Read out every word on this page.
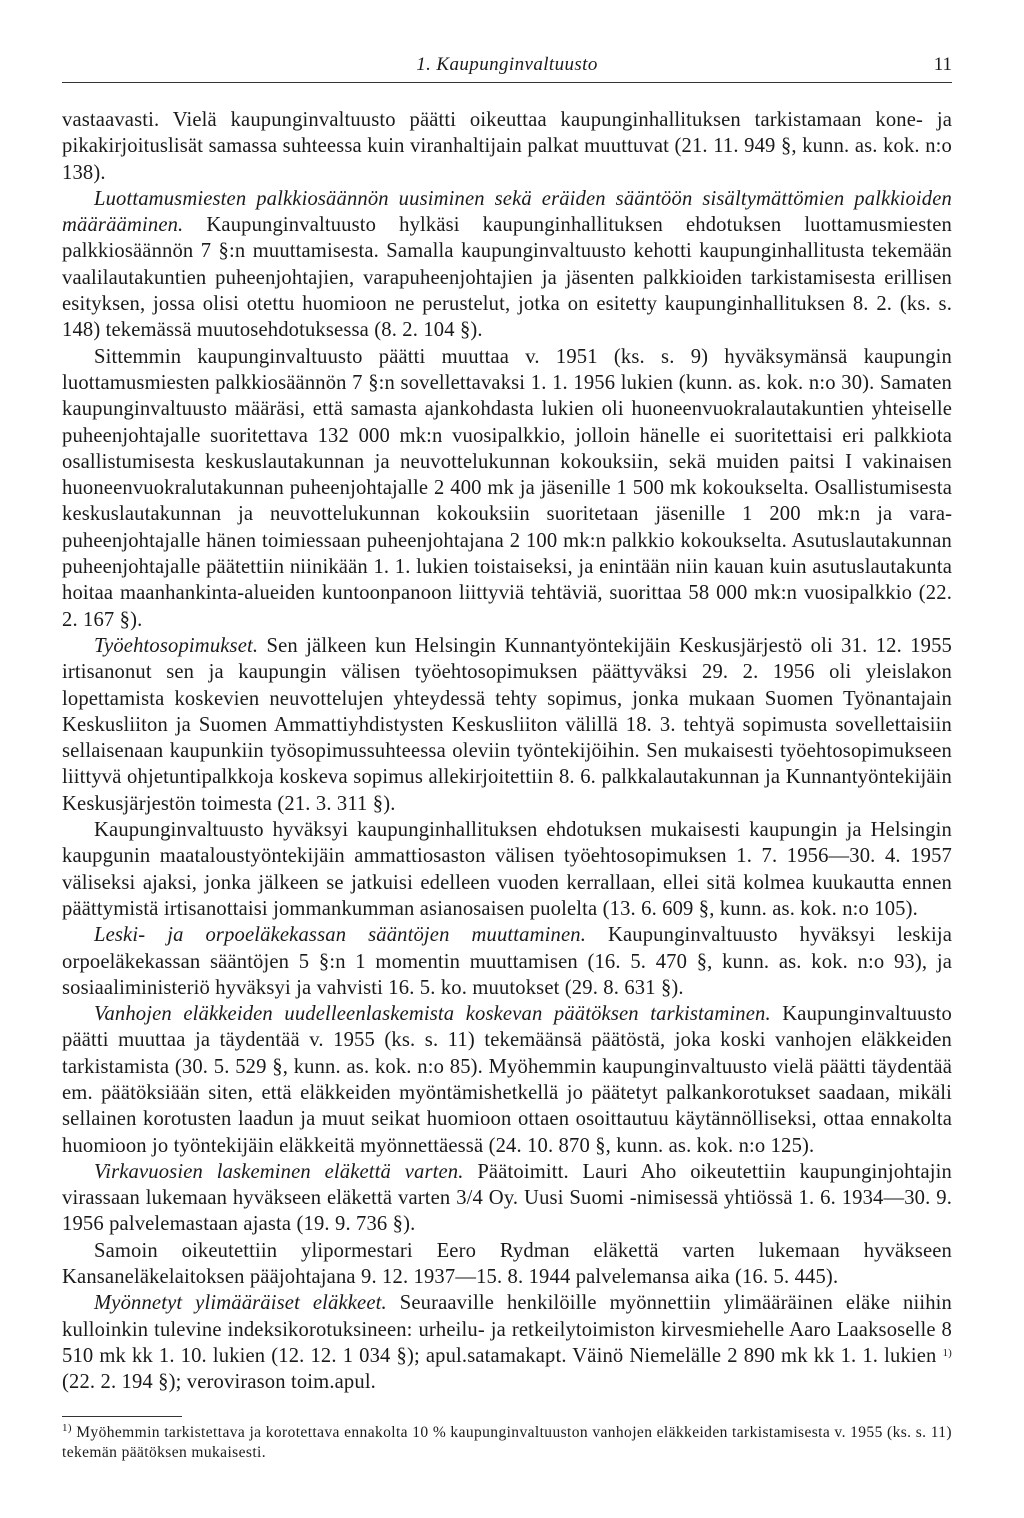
1. Kaupunginvaltuusto	11

vastaavasti. Vielä kaupunginvaltuusto päätti oikeuttaa kaupunginhallituksen tarkistamaan kone- ja pikakirjoituslisät samassa suhteessa kuin viranhaltijain palkat muuttuvat (21. 11. 949 §, kunn. as. kok. n:o 138).

Luottamusmiesten palkkiosäännön uusiminen sekä eräiden sääntöön sisältymättömien palkkioiden määrääminen. Kaupunginvaltuusto hylkäsi kaupunginhallituksen ehdotuksen luottamusmiesten palkkiosäännön 7 §:n muuttamisesta. Samalla kaupunginvaltuusto kehotti kaupunginhallitusta tekemään vaalilautakuntien puheenjohtajien, varapuheenjohtajien ja jäsenten palkkioiden tarkistamisesta erillisen esityksen, jossa olisi otettu huomioon ne perustelut, jotka on esitetty kaupunginhallituksen 8. 2. (ks. s. 148) tekemässä muutosehdotuksessa (8. 2. 104 §).

Sittemmin kaupunginvaltuusto päätti muuttaa v. 1951 (ks. s. 9) hyväksymänsä kaupungin luottamusmiesten palkkiosäännön 7 §:n sovellettavaksi 1. 1. 1956 lukien (kunn. as. kok. n:o 30). Samaten kaupunginvaltuusto määräsi, että samasta ajankohdasta lukien oli huoneenvuokralautakuntien yhteiselle puheenjohtajalle suoritettava 132 000 mk:n vuosipalkkio, jolloin hänelle ei suoritettaisi eri palkkiota osallistumisesta keskuslautakunnan ja neuvottelukunnan kokouksiin, sekä muiden paitsi I vakinaisen huoneenvuokralutakunnan puheenjohtajalle 2 400 mk ja jäsenille 1 500 mk kokoukselta. Osallistumisesta keskuslautakunnan ja neuvottelukunnan kokouksiin suoritetaan jäsenille 1 200 mk:n ja varapuheenjohtajalle hänen toimiessaan puheenjohtajana 2 100 mk:n palkkio kokoukselta. Asutuslautakunnan puheenjohtajalle päätettiin niinikään 1. 1. lukien toistaiseksi, ja enintään niin kauan kuin asutuslautakunta hoitaa maanhankinta-alueiden kuntoonpanoon liittyviä tehtäviä, suorittaa 58 000 mk:n vuosipalkkio (22. 2. 167 §).

Työehtosopimukset. Sen jälkeen kun Helsingin Kunnantyöntekijäin Keskusjärjestö oli 31. 12. 1955 irtisanonut sen ja kaupungin välisen työehtosopimuksen päättyväksi 29. 2. 1956 oli yleislakon lopettamista koskevien neuvottelujen yhteydessä tehty sopimus, jonka mukaan Suomen Työnantajain Keskusliiton ja Suomen Ammattiyhdistysten Keskusliiton välillä 18. 3. tehtyä sopimusta sovellettaisiin sellaisenaan kaupunkiin työsopimussuhteessa oleviin työntekijöihin. Sen mukaisesti työehtosopimukseen liittyvä ohjetuntipalkkoja koskeva sopimus allekirjoitettiin 8. 6. palkkalautakunnan ja Kunnantyöntekijäin Keskusjärjestön toimesta (21. 3. 311 §).

Kaupunginvaltuusto hyväksyi kaupunginhallituksen ehdotuksen mukaisesti kaupungin ja Helsingin kaupgunin maataloustyöntekijäin ammattiosaston välisen työehtosopimuksen 1. 7. 1956—30. 4. 1957 väliseksi ajaksi, jonka jälkeen se jatkuisi edelleen vuoden kerrallaan, ellei sitä kolmea kuukautta ennen päättymistä irtisanottaisi jommankumman asianosaisen puolelta (13. 6. 609 §, kunn. as. kok. n:o 105).

Leski- ja orpoeläkekassan sääntöjen muuttaminen. Kaupunginvaltuusto hyväksyi leskija orpoeläkekassan sääntöjen 5 §:n 1 momentin muuttamisen (16. 5. 470 §, kunn. as. kok. n:o 93), ja sosiaaliministeriö hyväksyi ja vahvisti 16. 5. ko. muutokset (29. 8. 631 §).

Vanhojen eläkkeiden uudelleenlaskemista koskevan päätöksen tarkistaminen. Kaupunginvaltuusto päätti muuttaa ja täydentää v. 1955 (ks. s. 11) tekemäänsä päätöstä, joka koski vanhojen eläkkeiden tarkistamista (30. 5. 529 §, kunn. as. kok. n:o 85). Myöhemmin kaupunginvaltuusto vielä päätti täydentää em. päätöksiään siten, että eläkkeiden myöntämishetkellä jo päätetyt palkankorotukset saadaan, mikäli sellainen korotusten laadun ja muut seikat huomioon ottaen osoittautuu käytännölliseksi, ottaa ennakolta huomioon jo työntekijäin eläkkeitä myönnettäessä (24. 10. 870 §, kunn. as. kok. n:o 125).

Virkavuosien laskeminen eläkettä varten. Päätoimitt. Lauri Aho oikeutettiin kaupunginjohtajin virassaan lukemaan hyväkseen eläkettä varten 3/4 Oy. Uusi Suomi -nimisessä yhtiössä 1. 6. 1934—30. 9. 1956 palvelemastaan ajasta (19. 9. 736 §).

Samoin oikeutettiin ylipormestari Eero Rydman eläkettä varten lukemaan hyväkseen Kansaneläkelaitoksen pääjohtajana 9. 12. 1937—15. 8. 1944 palvelemansa aika (16. 5. 445).

Myönnetyt ylimääräiset eläkkeet. Seuraaville henkilöille myönnettiin ylimääräinen eläke niihin kulloinkin tulevine indeksikorotuksineen: urheilu- ja retkeilytoimiston kirvesmiehelle Aaro Laaksoselle 8 510 mk kk 1. 10. lukien (12. 12. 1 034 §); apul.satamakapt. Väinö Niemelälle 2 890 mk kk 1. 1. lukien $^{1)}$ (22. 2. 194 §); verovirason toim.apul.

$^{1)}$ Myöhemmin tarkistettava ja korotettava ennakolta 10 % kaupunginvaltuuston vanhojen eläkkeiden tarkistamisesta v. 1955 (ks. s. 11) tekemän päätöksen mukaisesti.
